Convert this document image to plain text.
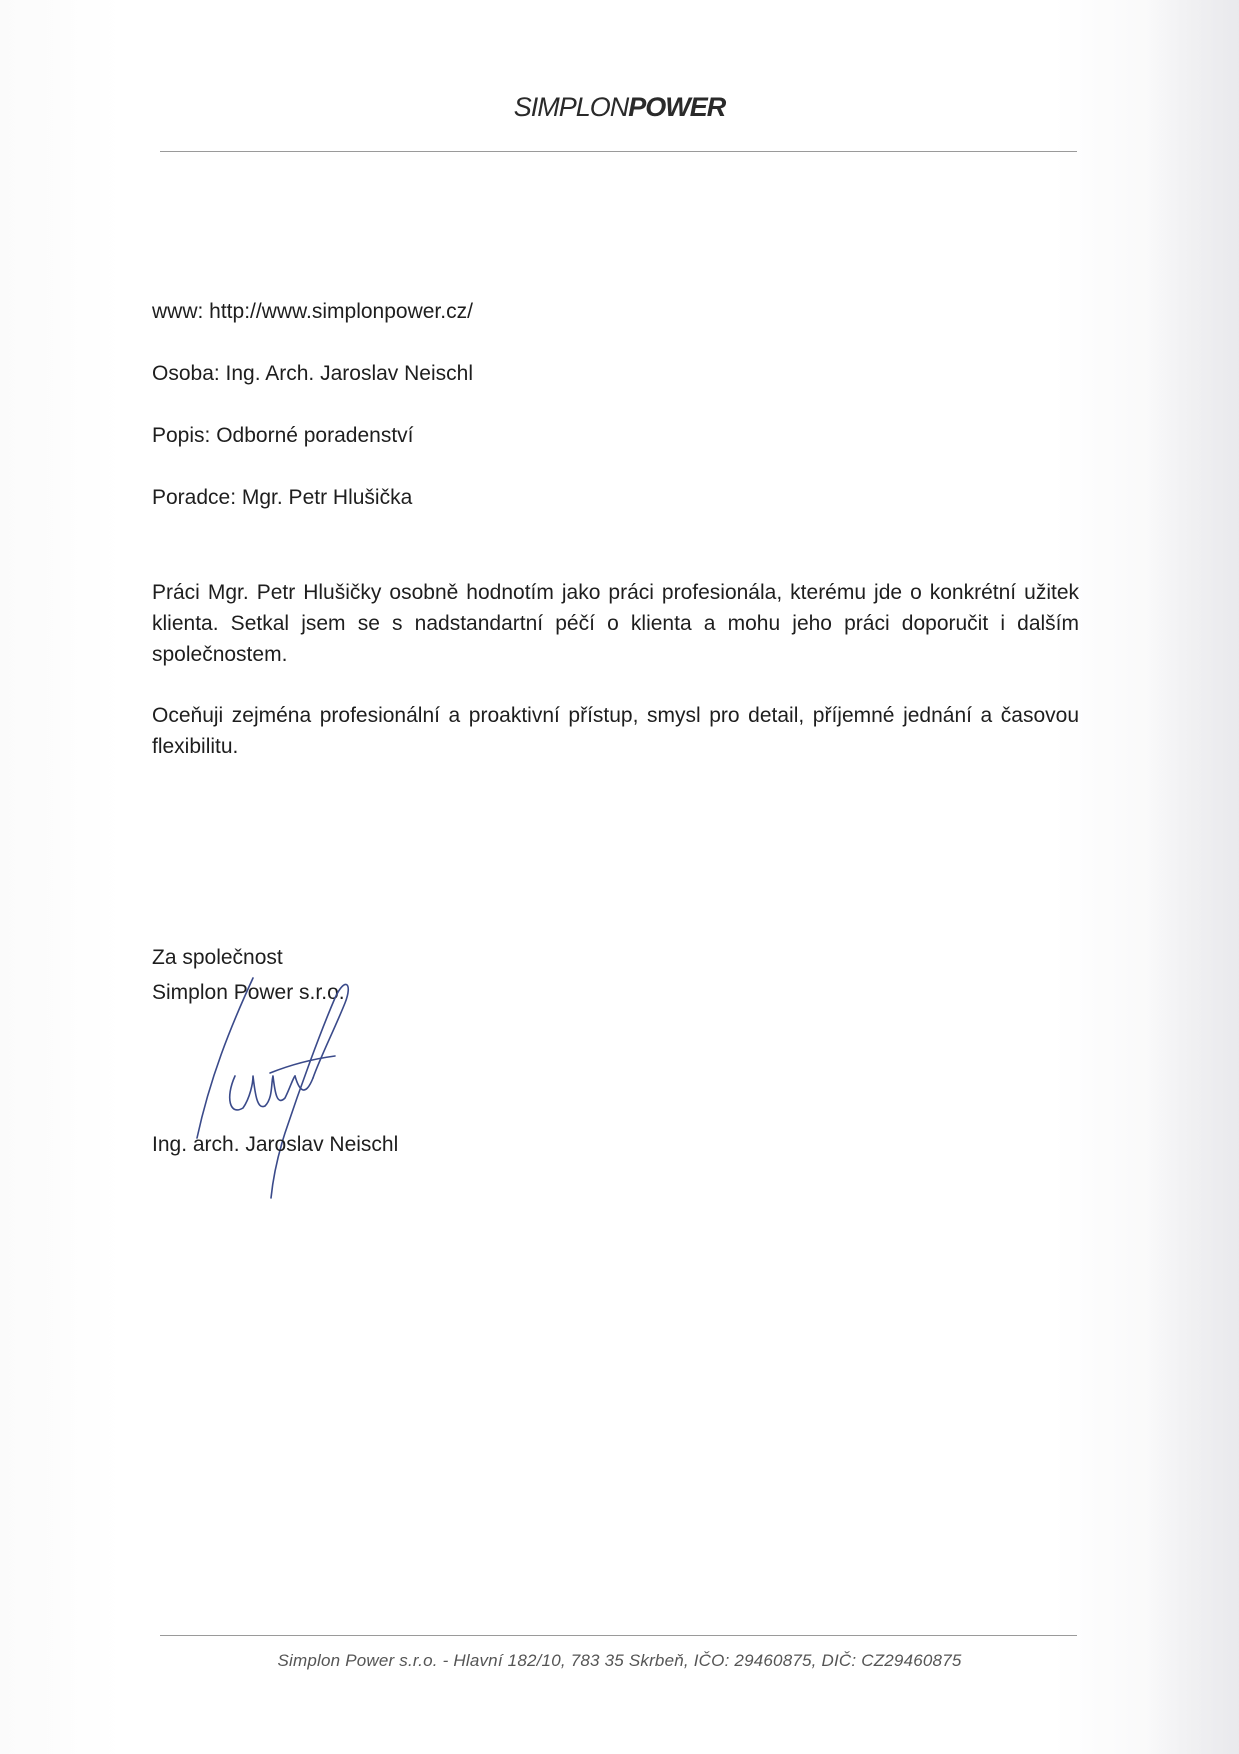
SIMPLONPOWER
www: http://www.simplonpower.cz/
Osoba: Ing. Arch. Jaroslav Neischl
Popis: Odborné poradenství
Poradce: Mgr. Petr Hlušička
Práci Mgr. Petr Hlušičky osobně hodnotím jako práci profesionála, kterému jde o konkrétní užitek klienta. Setkal jsem se s nadstandartní péčí o klienta a mohu jeho práci doporučit i dalším společnostem.
Oceňuji zejména profesionální a proaktivní přístup, smysl pro detail, příjemné jednání a časovou flexibilitu.
Za společnost
Simplon Power s.r.o.
Ing. arch. Jaroslav Neischl
Simplon Power s.r.o. - Hlavní 182/10, 783 35 Skrbeň, IČO: 29460875, DIČ: CZ29460875
